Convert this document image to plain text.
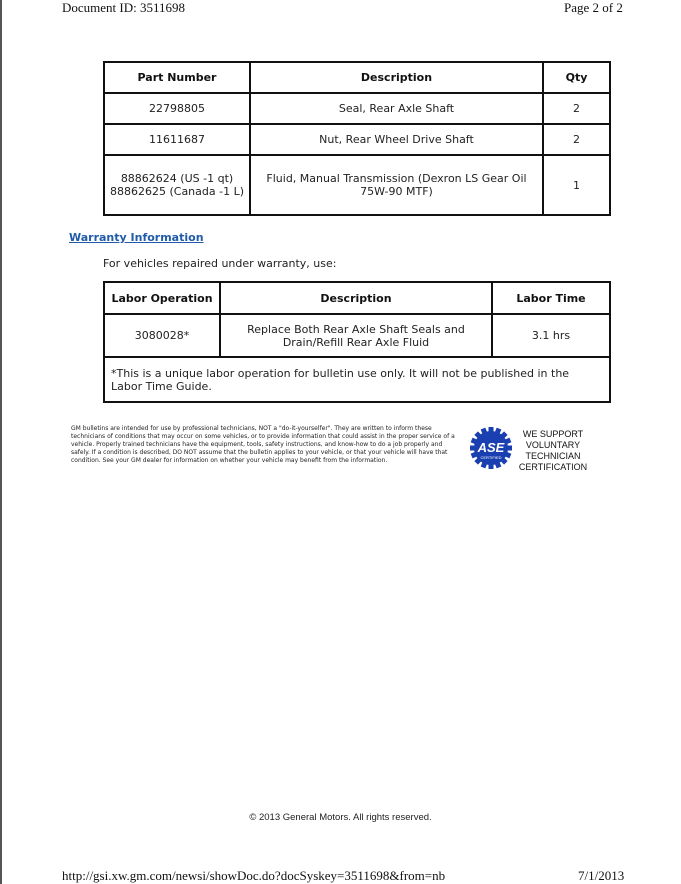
Document ID: 3511698	Page 2 of 2
Part Number	Description	Qty
22798805	Seal, Rear Axle Shaft	2
11611687	Nut, Rear Wheel Drive Shaft	2
88862624 (US -1 qt) 88862625 (Canada -1 L)	Fluid, Manual Transmission (Dexron LS Gear Oil 75W-90 MTF)	1
Warranty Information
For vehicles repaired under warranty, use:
Labor Operation	Description	Labor Time
3080028*	Replace Both Rear Axle Shaft Seals and Drain/Refill Rear Axle Fluid	3.1 hrs
*This is a unique labor operation for bulletin use only. It will not be published in the Labor Time Guide.		
GM bulletins are intended for use by professional technicians, NOT a "do-it-yourselfer". They are written to inform these technicians of conditions that may occur on some vehicles, or to provide information that could assist in the proper service of a vehicle. Properly trained technicians have the equipment, tools, safety instructions, and know-how to do a job properly and safely. If a condition is described, DO NOT assume that the bulletin applies to your vehicle, or that your vehicle will have that condition. See your GM dealer for information on whether your vehicle may benefit from the information.
ASE
CERTIFIED
WE SUPPORT
VOLUNTARY
TECHNICIAN
CERTIFICATION
© 2013 General Motors. All rights reserved.
http://gsi.xw.gm.com/newsi/showDoc.do?docSyskey=3511698&from=nb	7/1/2013
